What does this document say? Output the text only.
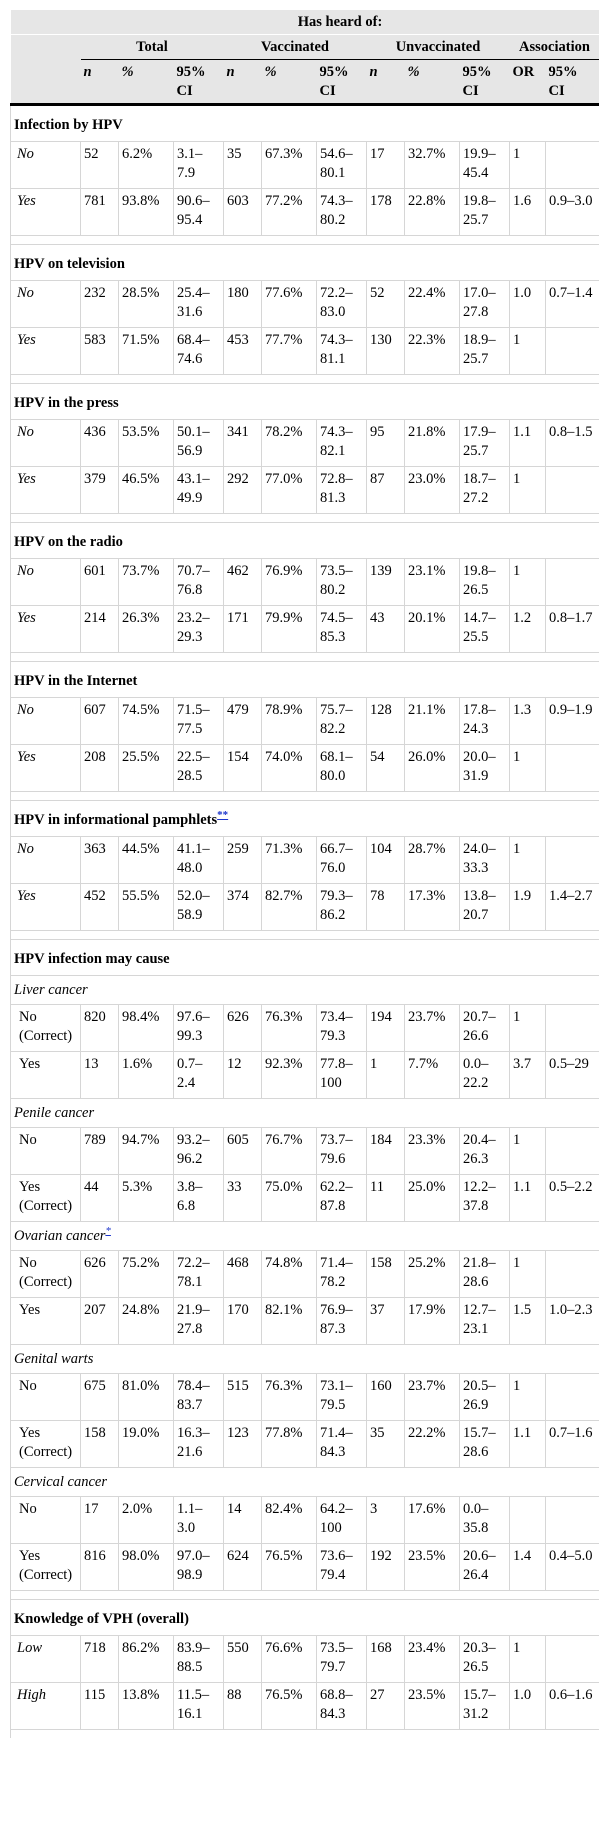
	Has heard of:										
	Total			Vaccinated			Unvaccinated			Association	
	n	%	95% CI	n	%	95% CI	n	%	95% CI	OR	95% CI
Infection by HPV											
No	52	6.2%	3.1–7.9	35	67.3%	54.6–80.1	17	32.7%	19.9–45.4	1	
Yes	781	93.8%	90.6–95.4	603	77.2%	74.3–80.2	178	22.8%	19.8–25.7	1.6	0.9–3.0

HPV on television											
No	232	28.5%	25.4–31.6	180	77.6%	72.2–83.0	52	22.4%	17.0–27.8	1.0	0.7–1.4
Yes	583	71.5%	68.4–74.6	453	77.7%	74.3–81.1	130	22.3%	18.9–25.7	1	

HPV in the press											
No	436	53.5%	50.1–56.9	341	78.2%	74.3–82.1	95	21.8%	17.9–25.7	1.1	0.8–1.5
Yes	379	46.5%	43.1–49.9	292	77.0%	72.8–81.3	87	23.0%	18.7–27.2	1	

HPV on the radio											
No	601	73.7%	70.7–76.8	462	76.9%	73.5–80.2	139	23.1%	19.8–26.5	1	
Yes	214	26.3%	23.2–29.3	171	79.9%	74.5–85.3	43	20.1%	14.7–25.5	1.2	0.8–1.7

HPV in the Internet											
No	607	74.5%	71.5–77.5	479	78.9%	75.7–82.2	128	21.1%	17.8–24.3	1.3	0.9–1.9
Yes	208	25.5%	22.5–28.5	154	74.0%	68.1–80.0	54	26.0%	20.0–31.9	1	

HPV in informational pamphlets**
No	363	44.5%	41.1–48.0	259	71.3%	66.7–76.0	104	28.7%	24.0–33.3	1	
Yes	452	55.5%	52.0–58.9	374	82.7%	79.3–86.2	78	17.3%	13.8–20.7	1.9	1.4–2.7

HPV infection may cause											
Liver cancer											
No (Correct)	820	98.4%	97.6–99.3	626	76.3%	73.4–79.3	194	23.7%	20.7–26.6	1	
Yes	13	1.6%	0.7–2.4	12	92.3%	77.8–100	1	7.7%	0.0–22.2	3.7	0.5–29
Penile cancer											
No	789	94.7%	93.2–96.2	605	76.7%	73.7–79.6	184	23.3%	20.4–26.3	1	
Yes (Correct)	44	5.3%	3.8–6.8	33	75.0%	62.2–87.8	11	25.0%	12.2–37.8	1.1	0.5–2.2
Ovarian cancer*
No (Correct)	626	75.2%	72.2–78.1	468	74.8%	71.4–78.2	158	25.2%	21.8–28.6	1	
Yes	207	24.8%	21.9–27.8	170	82.1%	76.9–87.3	37	17.9%	12.7–23.1	1.5	1.0–2.3
Genital warts											
No	675	81.0%	78.4–83.7	515	76.3%	73.1–79.5	160	23.7%	20.5–26.9	1	
Yes (Correct)	158	19.0%	16.3–21.6	123	77.8%	71.4–84.3	35	22.2%	15.7–28.6	1.1	0.7–1.6
Cervical cancer											
No	17	2.0%	1.1–3.0	14	82.4%	64.2–100	3	17.6%	0.0–35.8		
Yes (Correct)	816	98.0%	97.0–98.9	624	76.5%	73.6–79.4	192	23.5%	20.6–26.4	1.4	0.4–5.0

Knowledge of VPH (overall)											
Low	718	86.2%	83.9–88.5	550	76.6%	73.5–79.7	168	23.4%	20.3–26.5	1	
High	115	13.8%	11.5–16.1	88	76.5%	68.8–84.3	27	23.5%	15.7–31.2	1.0	0.6–1.6
